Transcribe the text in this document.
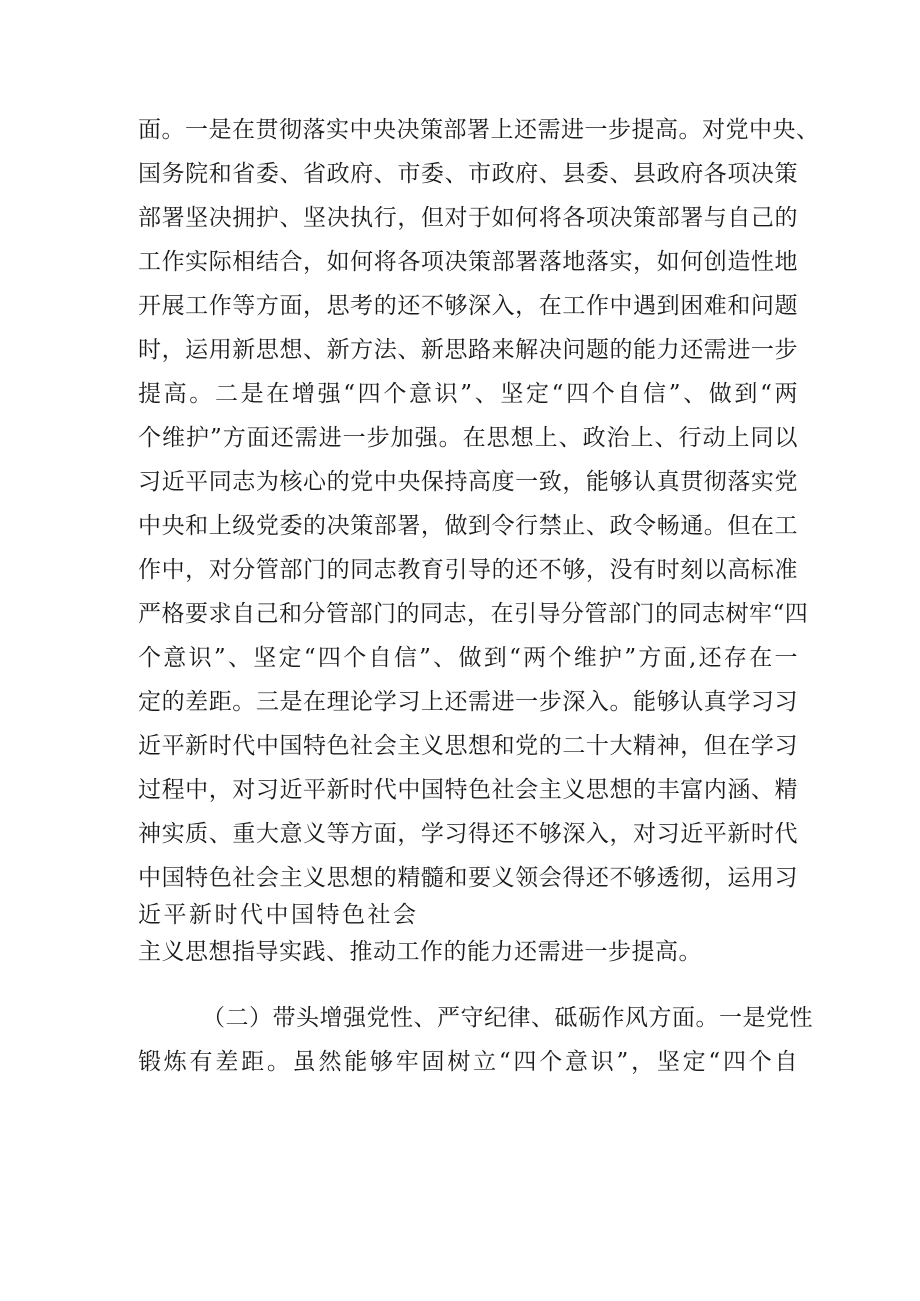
面。一是在贯彻落实中央决策部署上还需进一步提高。对党中央、
国务院和省委、省政府、市委、市政府、县委、县政府各项决策
部署坚决拥护、坚决执行，但对于如何将各项决策部署与自己的
工作实际相结合，如何将各项决策部署落地落实，如何创造性地
开展工作等方面，思考的还不够深入，在工作中遇到困难和问题
时，运用新思想、新方法、新思路来解决问题的能力还需进一步
提高。二是在增强“四个意识”、坚定“四个自信”、做到“两
个维护”方面还需进一步加强。在思想上、政治上、行动上同以
习近平同志为核心的党中央保持高度一致，能够认真贯彻落实党
中央和上级党委的决策部署，做到令行禁止、政令畅通。但在工
作中，对分管部门的同志教育引导的还不够，没有时刻以高标准
严格要求自己和分管部门的同志，在引导分管部门的同志树牢“四
个意识”、坚定“四个自信”、做到“两个维护”方面,还存在一
定的差距。三是在理论学习上还需进一步深入。能够认真学习习
近平新时代中国特色社会主义思想和党的二十大精神，但在学习
过程中，对习近平新时代中国特色社会主义思想的丰富内涵、精
神实质、重大意义等方面，学习得还不够深入，对习近平新时代
中国特色社会主义思想的精髓和要义领会得还不够透彻，运用习
近平新时代中国特色社会
主义思想指导实践、推动工作的能力还需进一步提高。
（二）带头增强党性、严守纪律、砥砺作风方面。一是党性
锻炼有差距。虽然能够牢固树立“四个意识”，坚定“四个自
